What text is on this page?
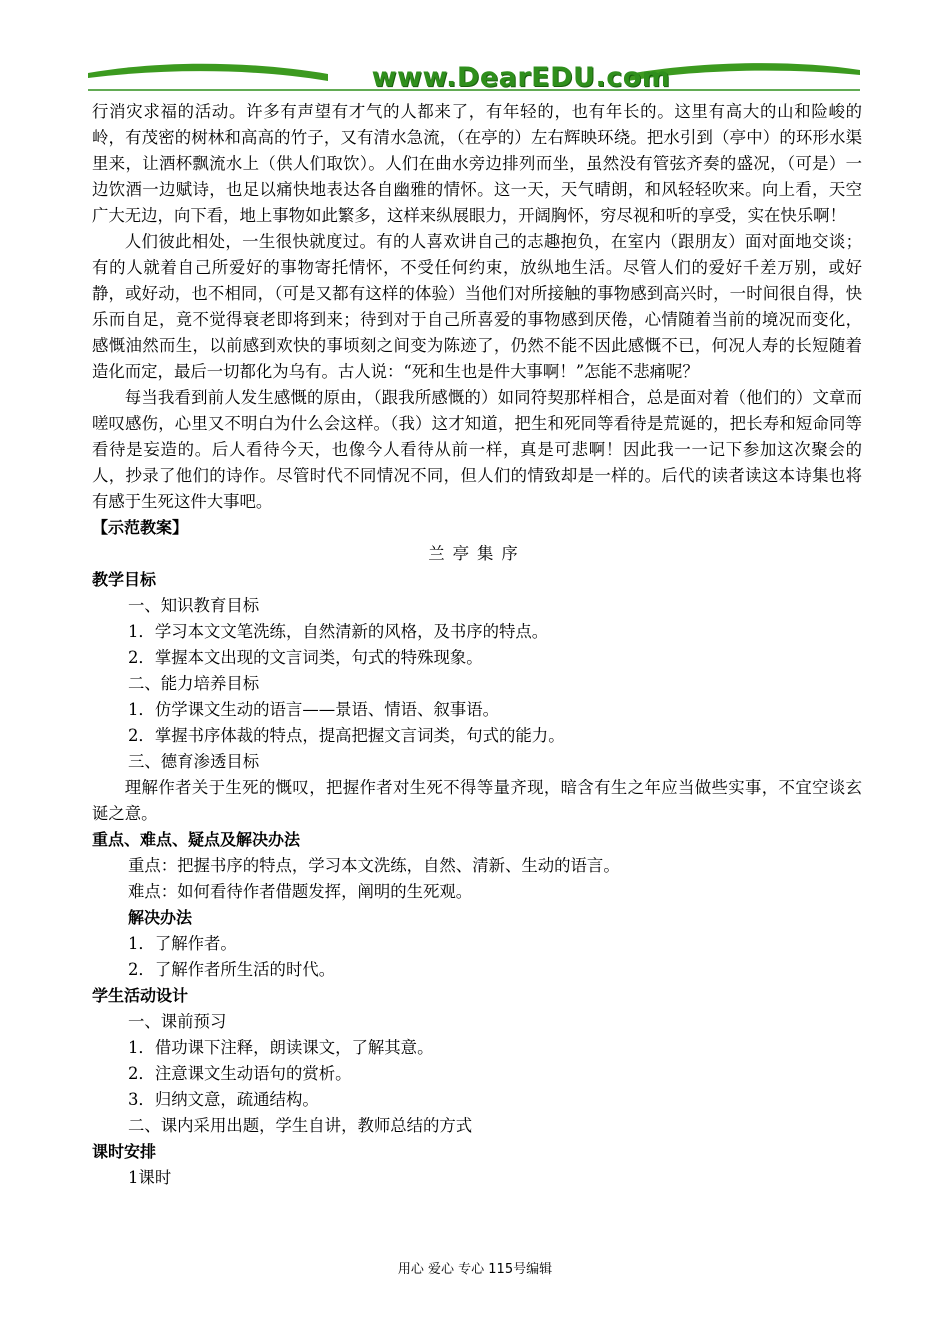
www.DearEDU.com

行消灾求福的活动。许多有声望有才气的人都来了，有年轻的，也有年长的。这里有高大的山和险峻的岭，有茂密的树林和高高的竹子，又有清水急流，（在亭的）左右辉映环绕。把水引到（亭中）的环形水渠里来，让酒杯飘流水上（供人们取饮）。人们在曲水旁边排列而坐，虽然没有管弦齐奏的盛况，（可是）一边饮酒一边赋诗，也足以痛快地表达各自幽雅的情怀。这一天，天气晴朗，和风轻轻吹来。向上看，天空广大无边，向下看，地上事物如此繁多，这样来纵展眼力，开阔胸怀，穷尽视和听的享受，实在快乐啊！

人们彼此相处，一生很快就度过。有的人喜欢讲自己的志趣抱负，在室内（跟朋友）面对面地交谈；有的人就着自己所爱好的事物寄托情怀，不受任何约束，放纵地生活。尽管人们的爱好千差万别，或好静，或好动，也不相同，（可是又都有这样的体验）当他们对所接触的事物感到高兴时，一时间很自得，快乐而自足，竟不觉得衰老即将到来；待到对于自己所喜爱的事物感到厌倦，心情随着当前的境况而变化，感慨油然而生，以前感到欢快的事顷刻之间变为陈迹了，仍然不能不因此感慨不已，何况人寿的长短随着造化而定，最后一切都化为乌有。古人说：“死和生也是件大事啊！”怎能不悲痛呢？

每当我看到前人发生感慨的原由，（跟我所感慨的）如同符契那样相合，总是面对着（他们的）文章而嗟叹感伤，心里又不明白为什么会这样。（我）这才知道，把生和死同等看待是荒诞的，把长寿和短命同等看待是妄造的。后人看待今天，也像今人看待从前一样，真是可悲啊！因此我一一记下参加这次聚会的人，抄录了他们的诗作。尽管时代不同情况不同，但人们的情致却是一样的。后代的读者读这本诗集也将有感于生死这件大事吧。

【示范教案】

兰亭集序

教学目标

一、知识教育目标

1．学习本文文笔洗练，自然清新的风格，及书序的特点。

2．掌握本文出现的文言词类，句式的特殊现象。

二、能力培养目标

1．仿学课文生动的语言——景语、情语、叙事语。

2．掌握书序体裁的特点，提高把握文言词类，句式的能力。

三、德育渗透目标

理解作者关于生死的慨叹，把握作者对生死不得等量齐现，暗含有生之年应当做些实事，不宜空谈玄诞之意。

重点、难点、疑点及解决办法

重点：把握书序的特点，学习本文洗练，自然、清新、生动的语言。

难点：如何看待作者借题发挥，阐明的生死观。

解决办法

1．了解作者。

2．了解作者所生活的时代。

学生活动设计

一、课前预习

1．借功课下注释，朗读课文，了解其意。

2．注意课文生动语句的赏析。

3．归纳文意，疏通结构。

二、课内采用出题，学生自讲，教师总结的方式

课时安排

1课时

用心 爱心 专心 115号编辑
